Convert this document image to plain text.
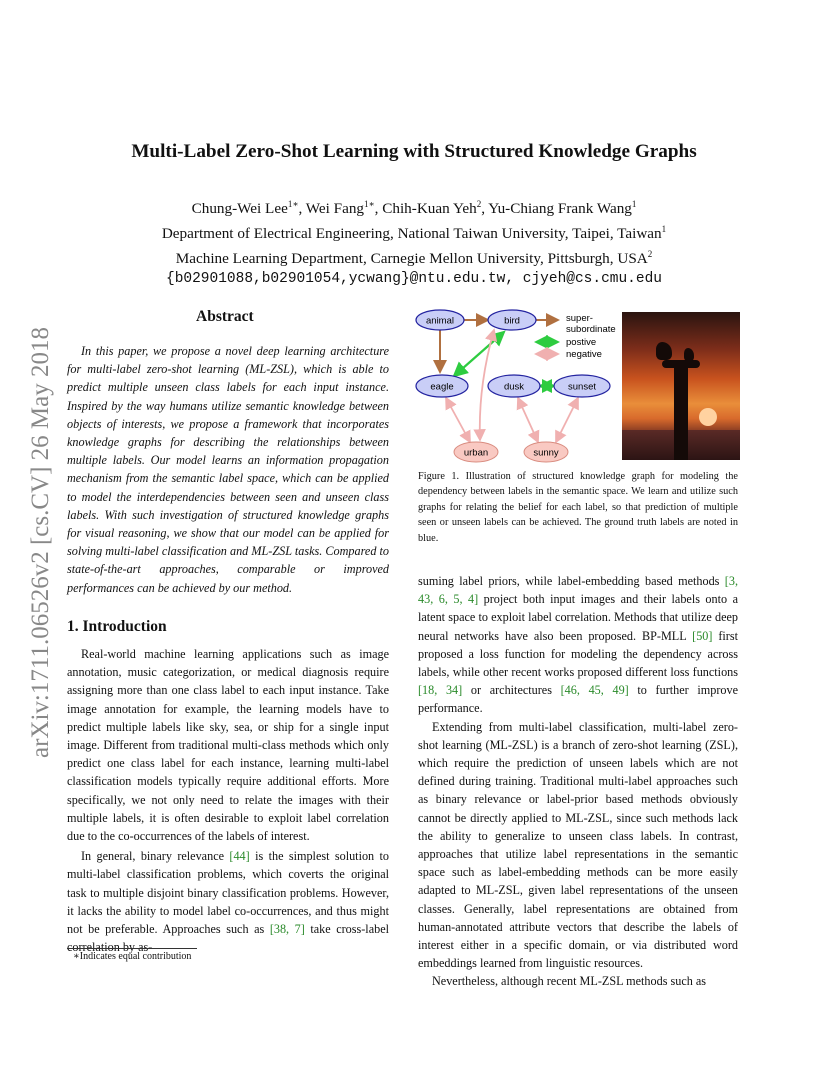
arXiv:1711.06526v2 [cs.CV] 26 May 2018
Multi-Label Zero-Shot Learning with Structured Knowledge Graphs
Chung-Wei Lee$^{1∗}$, Wei Fang$^{1∗}$, Chih-Kuan Yeh$^2$, Yu-Chiang Frank Wang$^1$
Department of Electrical Engineering, National Taiwan University, Taipei, Taiwan$^1$
Machine Learning Department, Carnegie Mellon University, Pittsburgh, USA$^2$
{b02901088,b02901054,ycwang}@ntu.edu.tw, cjyeh@cs.cmu.edu
Abstract

In this paper, we propose a novel deep learning architecture for multi-label zero-shot learning (ML-ZSL), which is able to predict multiple unseen class labels for each input instance. Inspired by the way humans utilize semantic knowledge between objects of interests, we propose a framework that incorporates knowledge graphs for describing the relationships between multiple labels. Our model learns an information propagation mechanism from the semantic label space, which can be applied to model the interdependencies between seen and unseen class labels. With such investigation of structured knowledge graphs for visual reasoning, we show that our model can be applied for solving multi-label classification and ML-ZSL tasks. Compared to state-of-the-art approaches, comparable or improved performances can be achieved by our method.

1. Introduction

Real-world machine learning applications such as image annotation, music categorization, or medical diagnosis require assigning more than one class label to each input instance. Take image annotation for example, the learning models have to predict multiple labels like sky, sea, or ship for a single input image. Different from traditional multi-class methods which only predict one class label for each instance, learning multi-label classification models typically require additional efforts. More specifically, we not only need to relate the images with their multiple labels, it is often desirable to exploit label correlation due to the co-occurrences of the labels of interest.

In general, binary relevance [44] is the simplest solution to multi-label classification problems, which coverts the original task to multiple disjoint binary classification problems. However, it lacks the ability to model label co-occurrences, and thus might not be preferable. Approaches such as [38, 7] take cross-label correlation by as-

∗Indicates equal contribution
animal	bird
eagle	dusk	sunset
urban	sunny
super-
subordinate
postive
negative
Figure 1. Illustration of structured knowledge graph for modeling the dependency between labels in the semantic space. We learn and utilize such graphs for relating the belief for each label, so that prediction of multiple seen or unseen labels can be achieved. The ground truth labels are noted in blue.

suming label priors, while label-embedding based methods [3, 43, 6, 5, 4] project both input images and their labels onto a latent space to exploit label correlation. Methods that utilize deep neural networks have also been proposed. BP-MLL [50] first proposed a loss function for modeling the dependency across labels, while other recent works proposed different loss functions [18, 34] or architectures [46, 45, 49] to further improve performance.

Extending from multi-label classification, multi-label zero-shot learning (ML-ZSL) is a branch of zero-shot learning (ZSL), which require the prediction of unseen labels which are not defined during training. Traditional multi-label approaches such as binary relevance or label-prior based methods obviously cannot be directly applied to ML-ZSL, since such methods lack the ability to generalize to unseen class labels. In contrast, approaches that utilize label representations in the semantic space such as label-embedding methods can be more easily adapted to ML-ZSL, given label representations of the unseen classes. Generally, label representations are obtained from human-annotated attribute vectors that describe the labels of interest either in a specific domain, or via distributed word embeddings learned from linguistic resources.

Nevertheless, although recent ML-ZSL methods such as
